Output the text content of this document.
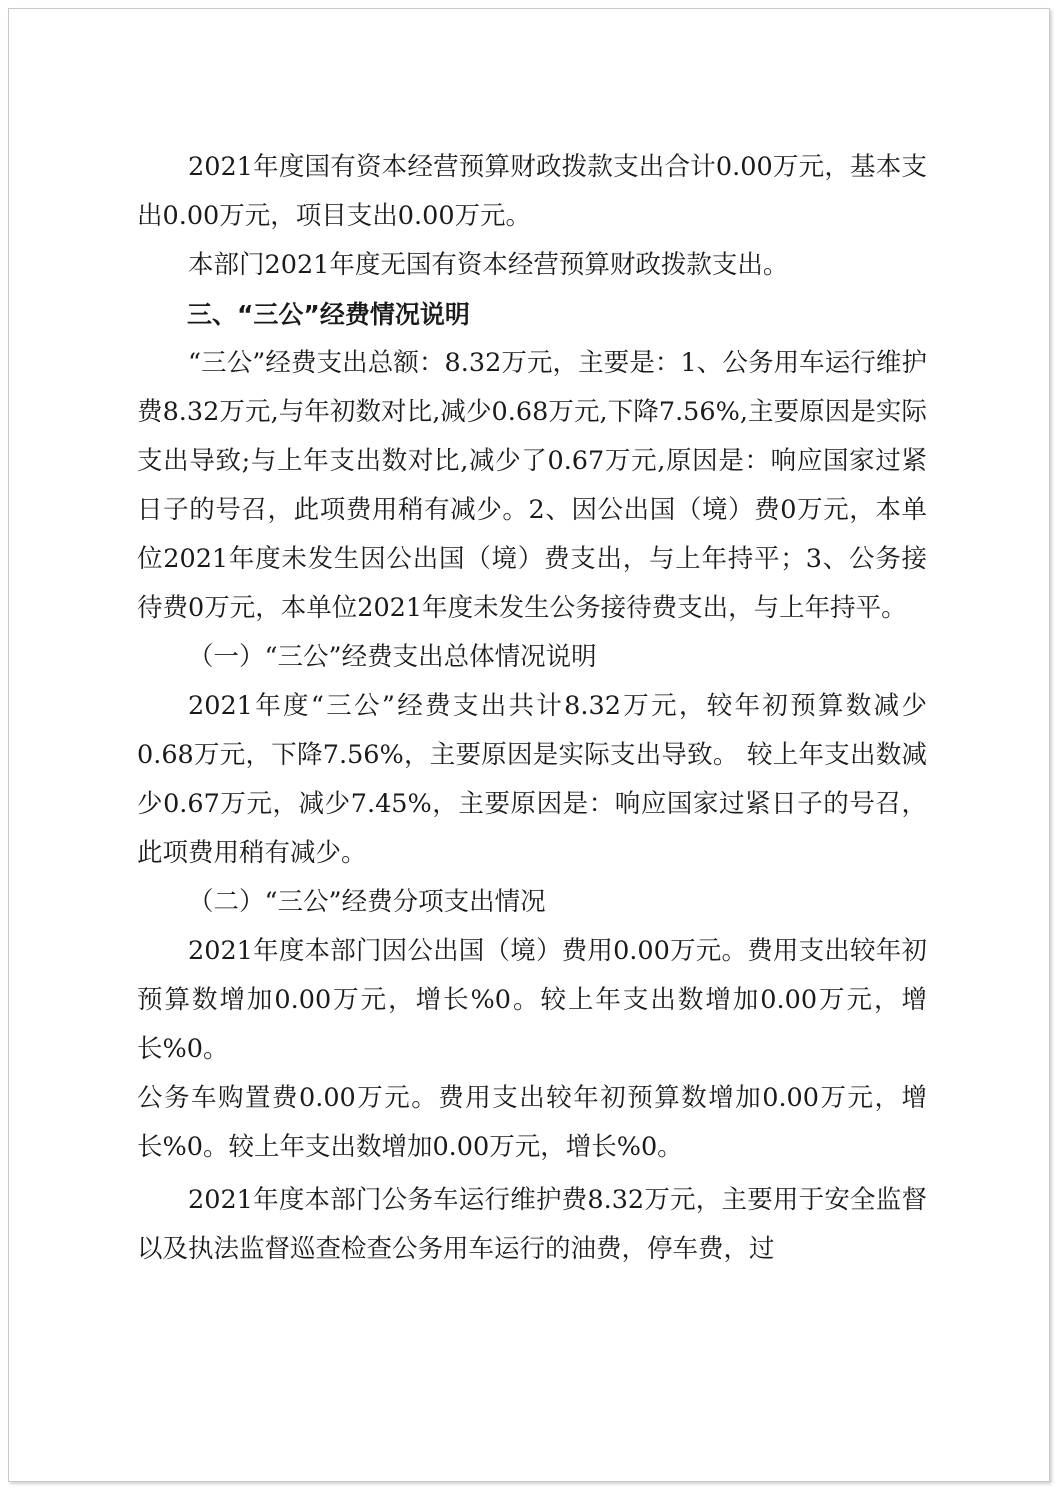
2021年度国有资本经营预算财政拨款支出合计0.00万元，基本支出0.00万元，项目支出0.00万元。

本部门2021年度无国有资本经营预算财政拨款支出。

三、“三公”经费情况说明

“三公”经费支出总额：8.32万元，主要是：1、公务用车运行维护费8.32万元,与年初数对比,减少0.68万元,下降7.56%,主要原因是实际支出导致;与上年支出数对比,减少了0.67万元,原因是：响应国家过紧日子的号召，此项费用稍有减少。2、因公出国（境）费0万元，本单位2021年度未发生因公出国（境）费支出，与上年持平；3、公务接待费0万元，本单位2021年度未发生公务接待费支出，与上年持平。

（一）“三公”经费支出总体情况说明

2021年度“三公”经费支出共计8.32万元，较年初预算数减少0.68万元，下降7.56%，主要原因是实际支出导致。 较上年支出数减少0.67万元，减少7.45%，主要原因是：响应国家过紧日子的号召，此项费用稍有减少。

（二）“三公”经费分项支出情况

2021年度本部门因公出国（境）费用0.00万元。费用支出较年初预算数增加0.00万元，增长%0。较上年支出数增加0.00万元，增长%0。

公务车购置费0.00万元。费用支出较年初预算数增加0.00万元，增长%0。较上年支出数增加0.00万元，增长%0。

2021年度本部门公务车运行维护费8.32万元，主要用于安全监督以及执法监督巡查检查公务用车运行的油费，停车费，过
